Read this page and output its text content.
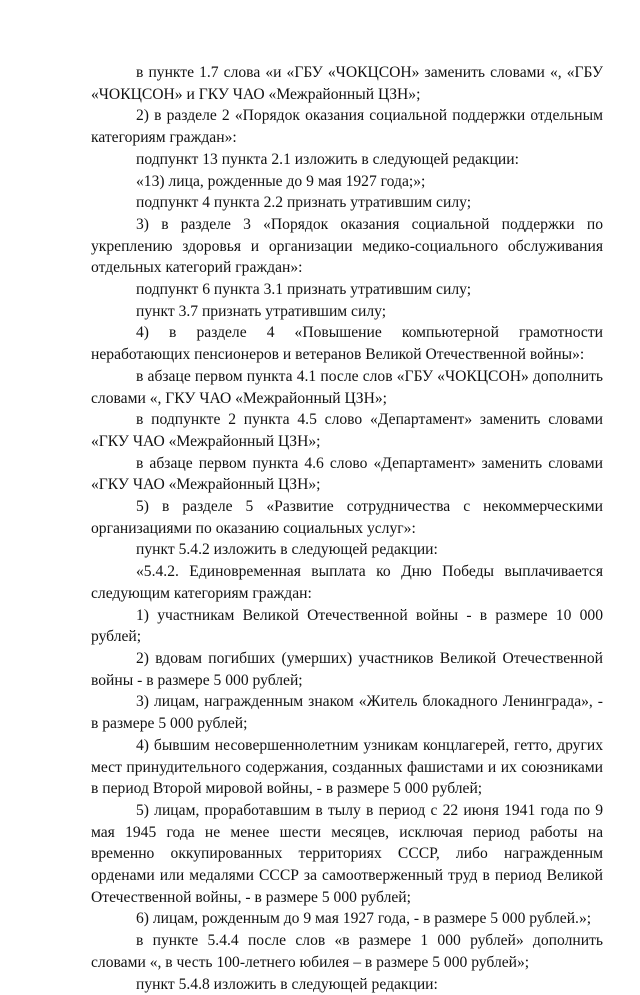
в пункте 1.7 слова «и «ГБУ «ЧОКЦСОН» заменить словами «, «ГБУ «ЧОКЦСОН» и ГКУ ЧАО «Межрайонный ЦЗН»;

2) в разделе 2 «Порядок оказания социальной поддержки отдельным категориям граждан»:

подпункт 13 пункта 2.1 изложить в следующей редакции:

«13) лица, рожденные до 9 мая 1927 года;»;

подпункт 4 пункта 2.2 признать утратившим силу;

3) в разделе 3 «Порядок оказания социальной поддержки по укреплению здоровья и организации медико-социального обслуживания отдельных категорий граждан»:

подпункт 6 пункта 3.1 признать утратившим силу;

пункт 3.7 признать утратившим силу;

4) в разделе 4 «Повышение компьютерной грамотности неработающих пенсионеров и ветеранов Великой Отечественной войны»:

в абзаце первом пункта 4.1 после слов «ГБУ «ЧОКЦСОН» дополнить словами «, ГКУ ЧАО «Межрайонный ЦЗН»;

в подпункте 2 пункта 4.5 слово «Департамент» заменить словами «ГКУ ЧАО «Межрайонный ЦЗН»;

в абзаце первом пункта 4.6 слово «Департамент» заменить словами «ГКУ ЧАО «Межрайонный ЦЗН»;

5) в разделе 5 «Развитие сотрудничества с некоммерческими организациями по оказанию социальных услуг»:

пункт 5.4.2 изложить в следующей редакции:

«5.4.2. Единовременная выплата ко Дню Победы выплачивается следующим категориям граждан:

1) участникам Великой Отечественной войны - в размере 10 000 рублей;

2) вдовам погибших (умерших) участников Великой Отечественной войны - в размере 5 000 рублей;

3) лицам, награжденным знаком «Житель блокадного Ленинграда», - в размере 5 000 рублей;

4) бывшим несовершеннолетним узникам концлагерей, гетто, других мест принудительного содержания, созданных фашистами и их союзниками в период Второй мировой войны, - в размере 5 000 рублей;

5) лицам, проработавшим в тылу в период с 22 июня 1941 года по 9 мая 1945 года не менее шести месяцев, исключая период работы на временно оккупированных территориях СССР, либо награжденным орденами или медалями СССР за самоотверженный труд в период Великой Отечественной войны, - в размере 5 000 рублей;

6) лицам, рожденным до 9 мая 1927 года, - в размере 5 000 рублей.»;

в пункте 5.4.4 после слов «в размере 1 000 рублей» дополнить словами «, в честь 100-летнего юбилея – в размере 5 000 рублей»;

пункт 5.4.8 изложить в следующей редакции:
